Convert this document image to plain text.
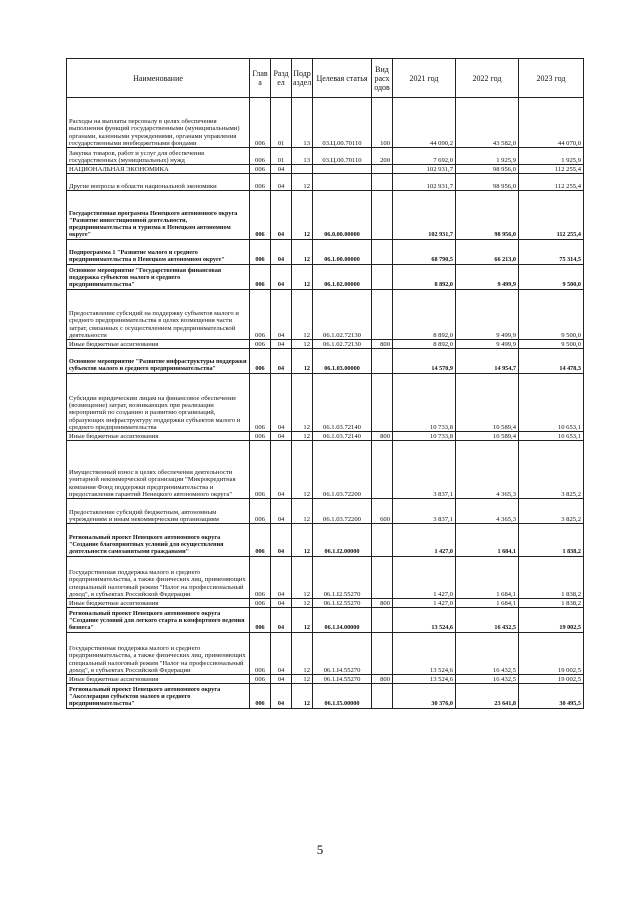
Наименование	Глав а	Разд ел	Подр аздел	Целевая статья	Вид расх одов	2021 год	2022 год	2023 год
Расходы на выплаты персоналу в целях обеспечения выполнения функций государственными (муниципальными) органами, казенными учреждениями, органами управления государственными внебюджетными фондами	006	01	13	03.Ц.00.70110	100	44 090,2	43 582,0	44 070,0
Закупка товаров, работ и услуг для обеспечения государственных (муниципальных) нужд	006	01	13	03.Ц.00.70110	200	7 692,0	1 925,9	1 925,9
НАЦИОНАЛЬНАЯ ЭКОНОМИКА	006	04				102 931,7	98 956,0	112 255,4
Другие вопросы в области национальной экономики	006	04	12			102 931,7	98 956,0	112 255,4
Государственная программа Ненецкого автономного округа "Развитие инвестиционной деятельности, предпринимательства и туризма в Ненецком автономном округе"	006	04	12	06.0.00.00000		102 931,7	98 956,0	112 255,4
Подпрограмма 1 "Развитие малого и среднего предпринимательства в Ненецком автономном округе"	006	04	12	06.1.00.00000		68 790,5	66 213,0	75 314,5
Основное мероприятие "Государственная финансовая поддержка субъектов малого и среднего предпринимательства"	006	04	12	06.1.02.00000		8 892,0	9 499,9	9 500,0
Предоставление субсидий на поддержку субъектов малого и среднего предпринимательства в целях возмещения части затрат, связанных с осуществлением предпринимательской деятельности	006	04	12	06.1.02.72130		8 892,0	9 499,9	9 500,0
Иные бюджетные ассигнования	006	04	12	06.1.02.72130	800	8 892,0	9 499,9	9 500,0
Основное мероприятие "Развитие инфраструктуры поддержки субъектов малого и среднего предпринимательства"	006	04	12	06.1.03.00000		14 570,9	14 954,7	14 478,3
Субсидии юридическим лицам на финансовое обеспечение (возмещение) затрат, возникающих при реализации мероприятий по созданию и развитию организаций, образующих инфраструктуру поддержки субъектов малого и среднего предпринимательства	006	04	12	06.1.03.72140		10 733,8	10 589,4	10 653,1
Иные бюджетные ассигнования	006	04	12	06.1.03.72140	800	10 733,8	10 589,4	10 653,1
Имущественный взнос в целях обеспечения деятельности унитарной некоммерческой организации "Микрокредитная компания Фонд поддержки предпринимательства и предоставления гарантий Ненецкого автономного округа"	006	04	12	06.1.03.72200		3 837,1	4 365,3	3 825,2
Предоставление субсидий бюджетным, автономным учреждениям и иным некоммерческим организациям	006	04	12	06.1.03.72200	600	3 837,1	4 365,3	3 825,2
Региональный проект Ненецкого автономного округа "Создание благоприятных условий для осуществления деятельности самозанятыми гражданами"	006	04	12	06.1.I2.00000		1 427,0	1 684,1	1 838,2
Государственная поддержка малого и среднего предпринимательства, а также физических лиц, применяющих специальный налоговый режим "Налог на профессиональный доход", в субъектах Российской Федерации	006	04	12	06.1.I2.55270		1 427,0	1 684,1	1 838,2
Иные бюджетные ассигнования	006	04	12	06.1.I2.55270	800	1 427,0	1 684,1	1 838,2
Региональный проект Ненецкого автономного округа "Создание условий для легкого старта и комфортного ведения бизнеса"	006	04	12	06.1.I4.00000		13 524,6	16 432,5	19 002,5
Государственная поддержка малого и среднего предпринимательства, а также физических лиц, применяющих специальный налоговый режим "Налог на профессиональный доход", в субъектах Российской Федерации	006	04	12	06.1.I4.55270		13 524,6	16 432,5	19 002,5
Иные бюджетные ассигнования	006	04	12	06.1.I4.55270	800	13 524,6	16 432,5	19 002,5
Региональный проект Ненецкого автономного округа "Акселерация субъектов малого и среднего предпринимательства"	006	04	12	06.1.I5.00000		30 376,0	23 641,8	30 495,5
5
